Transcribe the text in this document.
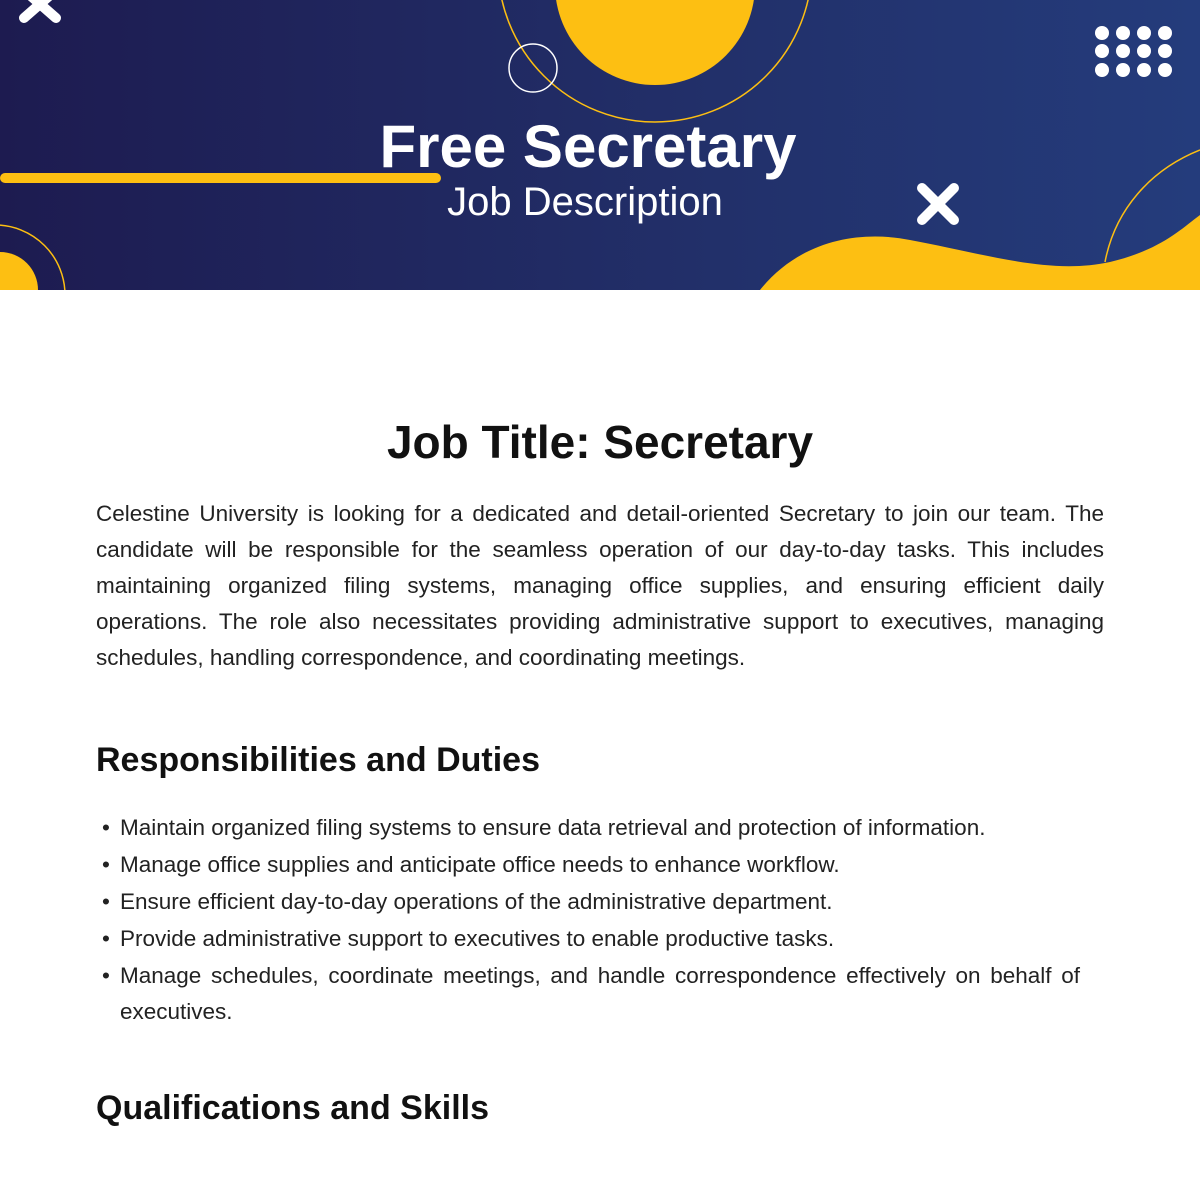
Free Secretary
Job Description
Job Title: Secretary

Celestine University is looking for a dedicated and detail-oriented Secretary to join our team. The candidate will be responsible for the seamless operation of our day-to-day tasks. This includes maintaining organized filing systems, managing office supplies, and ensuring efficient daily operations. The role also necessitates providing administrative support to executives, managing schedules, handling correspondence, and coordinating meetings.

Responsibilities and Duties
• Maintain organized filing systems to ensure data retrieval and protection of information.
• Manage office supplies and anticipate office needs to enhance workflow.
• Ensure efficient day-to-day operations of the administrative department.
• Provide administrative support to executives to enable productive tasks.
• Manage schedules, coordinate meetings, and handle correspondence effectively on behalf of executives.
Qualifications and Skills
